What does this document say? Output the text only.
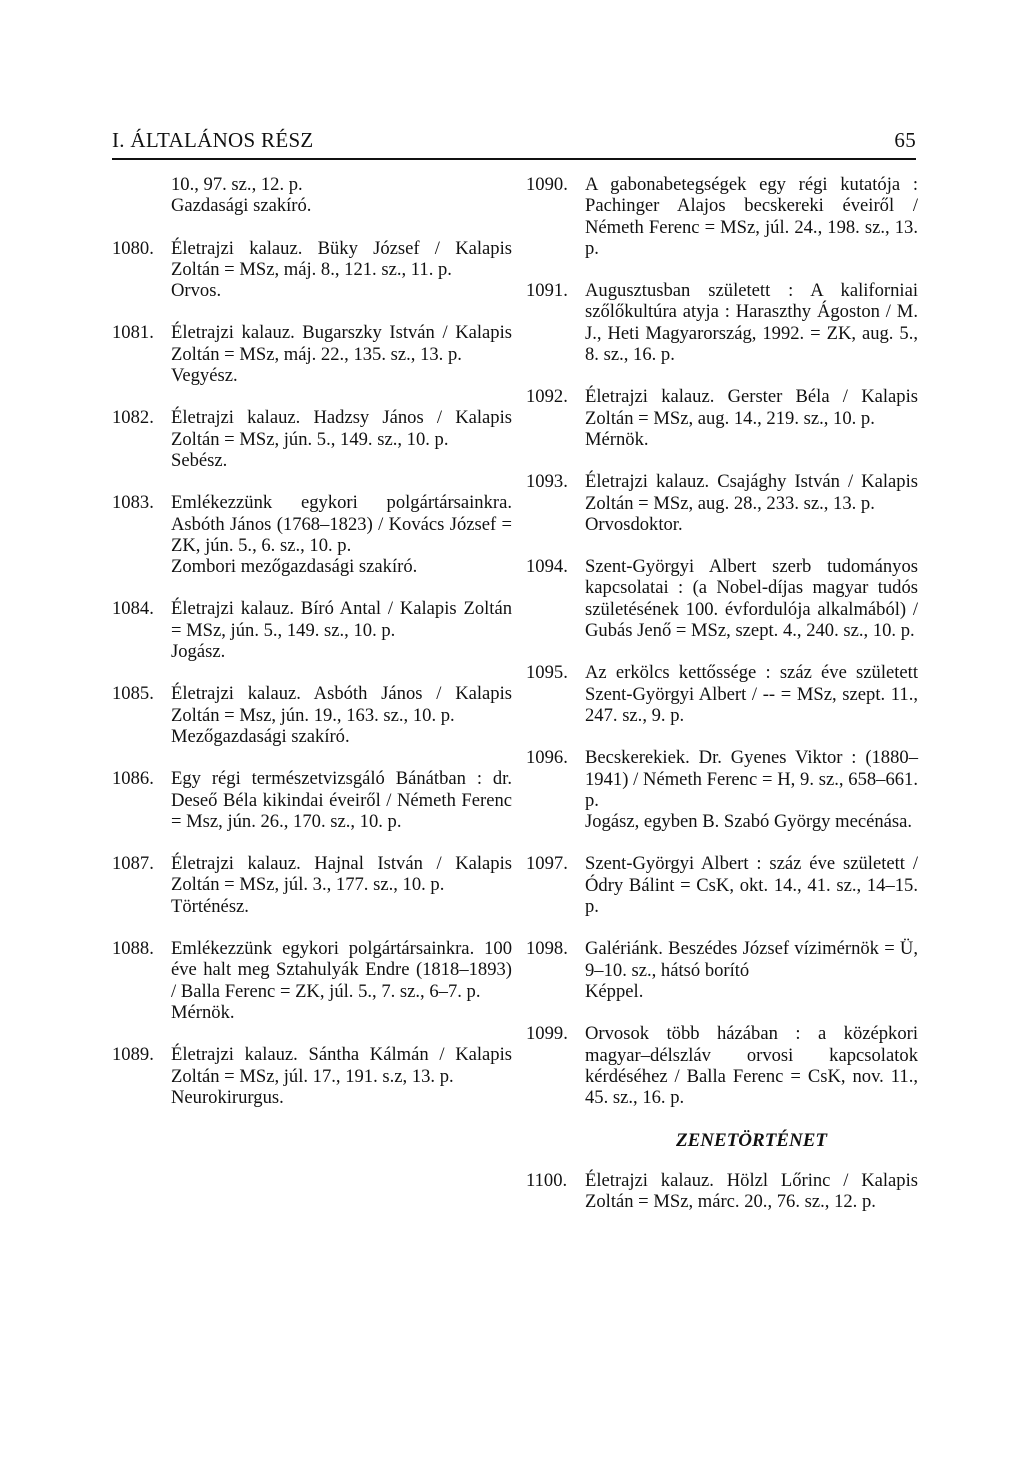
I. ÁLTALÁNOS RÉSZ	65
10., 97. sz., 12. p.
Gazdasági szakíró.
1080. Életrajzi kalauz. Büky József / Kalapis Zoltán = MSz, máj. 8., 121. sz., 11. p.
Orvos.
1081. Életrajzi kalauz. Bugarszky István / Kalapis Zoltán = MSz, máj. 22., 135. sz., 13. p.
Vegyész.
1082. Életrajzi kalauz. Hadzsy János / Kalapis Zoltán = MSz, jún. 5., 149. sz., 10. p.
Sebész.
1083. Emlékezzünk egykori polgártársainkra. Asbóth János (1768–1823) / Kovács József = ZK, jún. 5., 6. sz., 10. p.
Zombori mezőgazdasági szakíró.
1084. Életrajzi kalauz. Bíró Antal / Kalapis Zoltán = MSz, jún. 5., 149. sz., 10. p.
Jogász.
1085. Életrajzi kalauz. Asbóth János / Kalapis Zoltán = Msz, jún. 19., 163. sz., 10. p.
Mezőgazdasági szakíró.
1086. Egy régi természetvizsgáló Bánátban : dr. Deseő Béla kikindai éveiről / Németh Ferenc = Msz, jún. 26., 170. sz., 10. p.
1087. Életrajzi kalauz. Hajnal István / Kalapis Zoltán = MSz, júl. 3., 177. sz., 10. p.
Történész.
1088. Emlékezzünk egykori polgártársainkra. 100 éve halt meg Sztahulyák Endre (1818–1893) / Balla Ferenc = ZK, júl. 5., 7. sz., 6–7. p.
Mérnök.
1089. Életrajzi kalauz. Sántha Kálmán / Kalapis Zoltán = MSz, júl. 17., 191. s.z, 13. p.
Neurokirurgus.
1090. A gabonabetegségek egy régi kutatója : Pachinger Alajos becskereki éveiről / Németh Ferenc = MSz, júl. 24., 198. sz., 13. p.
1091. Augusztusban született : A kaliforniai szőlőkultúra atyja : Haraszthy Ágoston / M. J., Heti Magyarország, 1992. = ZK, aug. 5., 8. sz., 16. p.
1092. Életrajzi kalauz. Gerster Béla / Kalapis Zoltán = MSz, aug. 14., 219. sz., 10. p.
Mérnök.
1093. Életrajzi kalauz. Csajághy István / Kalapis Zoltán = MSz, aug. 28., 233. sz., 13. p.
Orvosdoktor.
1094. Szent-Györgyi Albert szerb tudományos kapcsolatai : (a Nobel-díjas magyar tudós születésének 100. évfordulója alkalmából) / Gubás Jenő = MSz, szept. 4., 240. sz., 10. p.
1095. Az erkölcs kettőssége : száz éve született Szent-Györgyi Albert / -- = MSz, szept. 11., 247. sz., 9. p.
1096. Becskerekiek. Dr. Gyenes Viktor : (1880–1941) / Németh Ferenc = H, 9. sz., 658–661. p.
Jogász, egyben B. Szabó György mecénása.
1097. Szent-Györgyi Albert : száz éve született / Ódry Bálint = CsK, okt. 14., 41. sz., 14–15. p.
1098. Galériánk. Beszédes József vízimérnök = Ü, 9–10. sz., hátsó borító
Képpel.
1099. Orvosok több házában : a középkori magyar–délszláv orvosi kapcsolatok kérdéséhez / Balla Ferenc = CsK, nov. 11., 45. sz., 16. p.
ZENETÖRTÉNET
1100. Életrajzi kalauz. Hölzl Lőrinc / Kalapis Zoltán = MSz, márc. 20., 76. sz., 12. p.
